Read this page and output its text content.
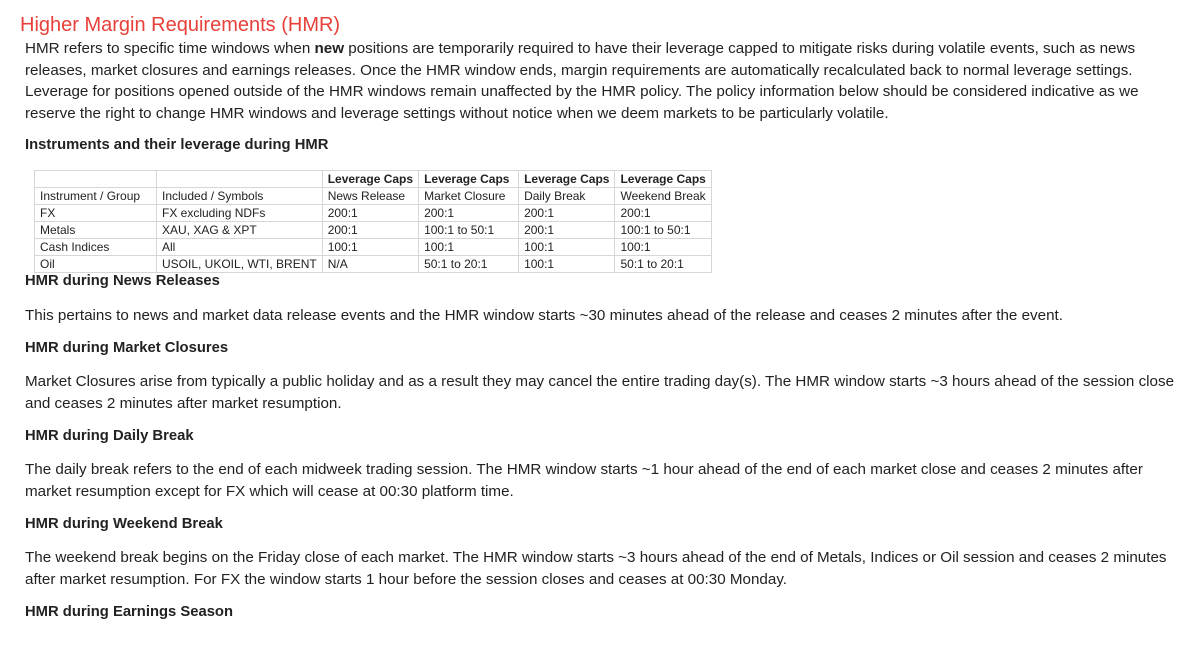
Higher Margin Requirements (HMR)
HMR refers to specific time windows when new positions are temporarily required to have their leverage capped to mitigate risks during volatile events, such as news releases, market closures and earnings releases. Once the HMR window ends, margin requirements are automatically recalculated back to normal leverage settings. Leverage for positions opened outside of the HMR windows remain unaffected by the HMR policy. The policy information below should be considered indicative as we reserve the right to change HMR windows and leverage settings without notice when we deem markets to be particularly volatile.
Instruments and their leverage during HMR
		Leverage Caps	Leverage Caps	Leverage Caps	Leverage Caps
Instrument / Group	Included / Symbols	News Release	Market Closure	Daily Break	Weekend Break
FX	FX excluding NDFs	200:1	200:1	200:1	200:1
Metals	XAU, XAG & XPT	200:1	100:1 to 50:1	200:1	100:1 to 50:1
Cash Indices	All	100:1	100:1	100:1	100:1
Oil	USOIL, UKOIL, WTI, BRENT	N/A	50:1 to 20:1	100:1	50:1 to 20:1
HMR during News Releases
This pertains to news and market data release events and the HMR window starts ~30 minutes ahead of the release and ceases 2 minutes after the event.
HMR during Market Closures
Market Closures arise from typically a public holiday and as a result they may cancel the entire trading day(s). The HMR window starts ~3 hours ahead of the session close and ceases 2 minutes after market resumption.
HMR during Daily Break
The daily break refers to the end of each midweek trading session. The HMR window starts ~1 hour ahead of the end of each market close and ceases 2 minutes after market resumption except for FX which will cease at 00:30 platform time.
HMR during Weekend Break
The weekend break begins on the Friday close of each market. The HMR window starts ~3 hours ahead of the end of Metals, Indices or Oil session and ceases 2 minutes after market resumption. For FX the window starts 1 hour before the session closes and ceases at 00:30 Monday.
HMR during Earnings Season
